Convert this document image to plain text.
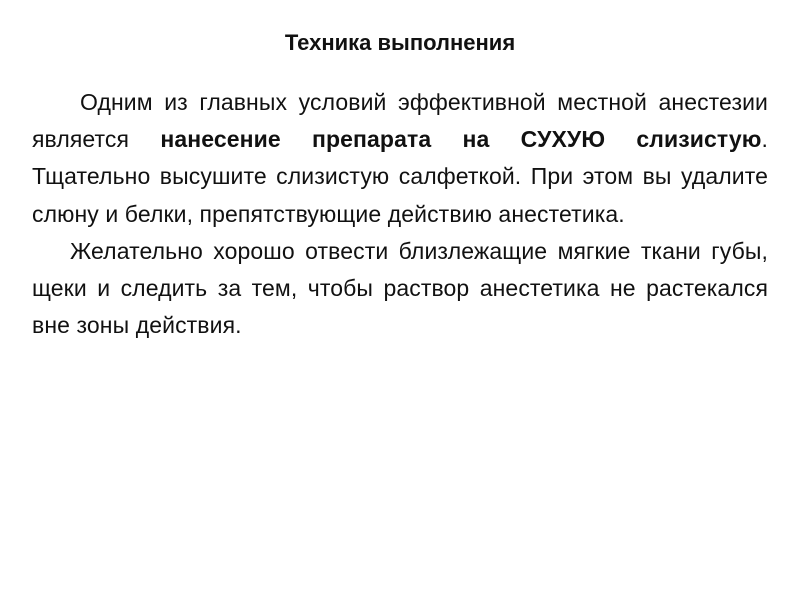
Техника выполнения

Одним из главных условий эффективной местной анестезии является нанесение препарата на СУХУЮ слизистую. Тщательно высушите слизистую салфеткой. При этом вы удалите слюну и белки, препятствующие действию анестетика.

Желательно хорошо отвести близлежащие мягкие ткани губы, щеки и следить за тем, чтобы раствор анестетика не растекался вне зоны действия.
